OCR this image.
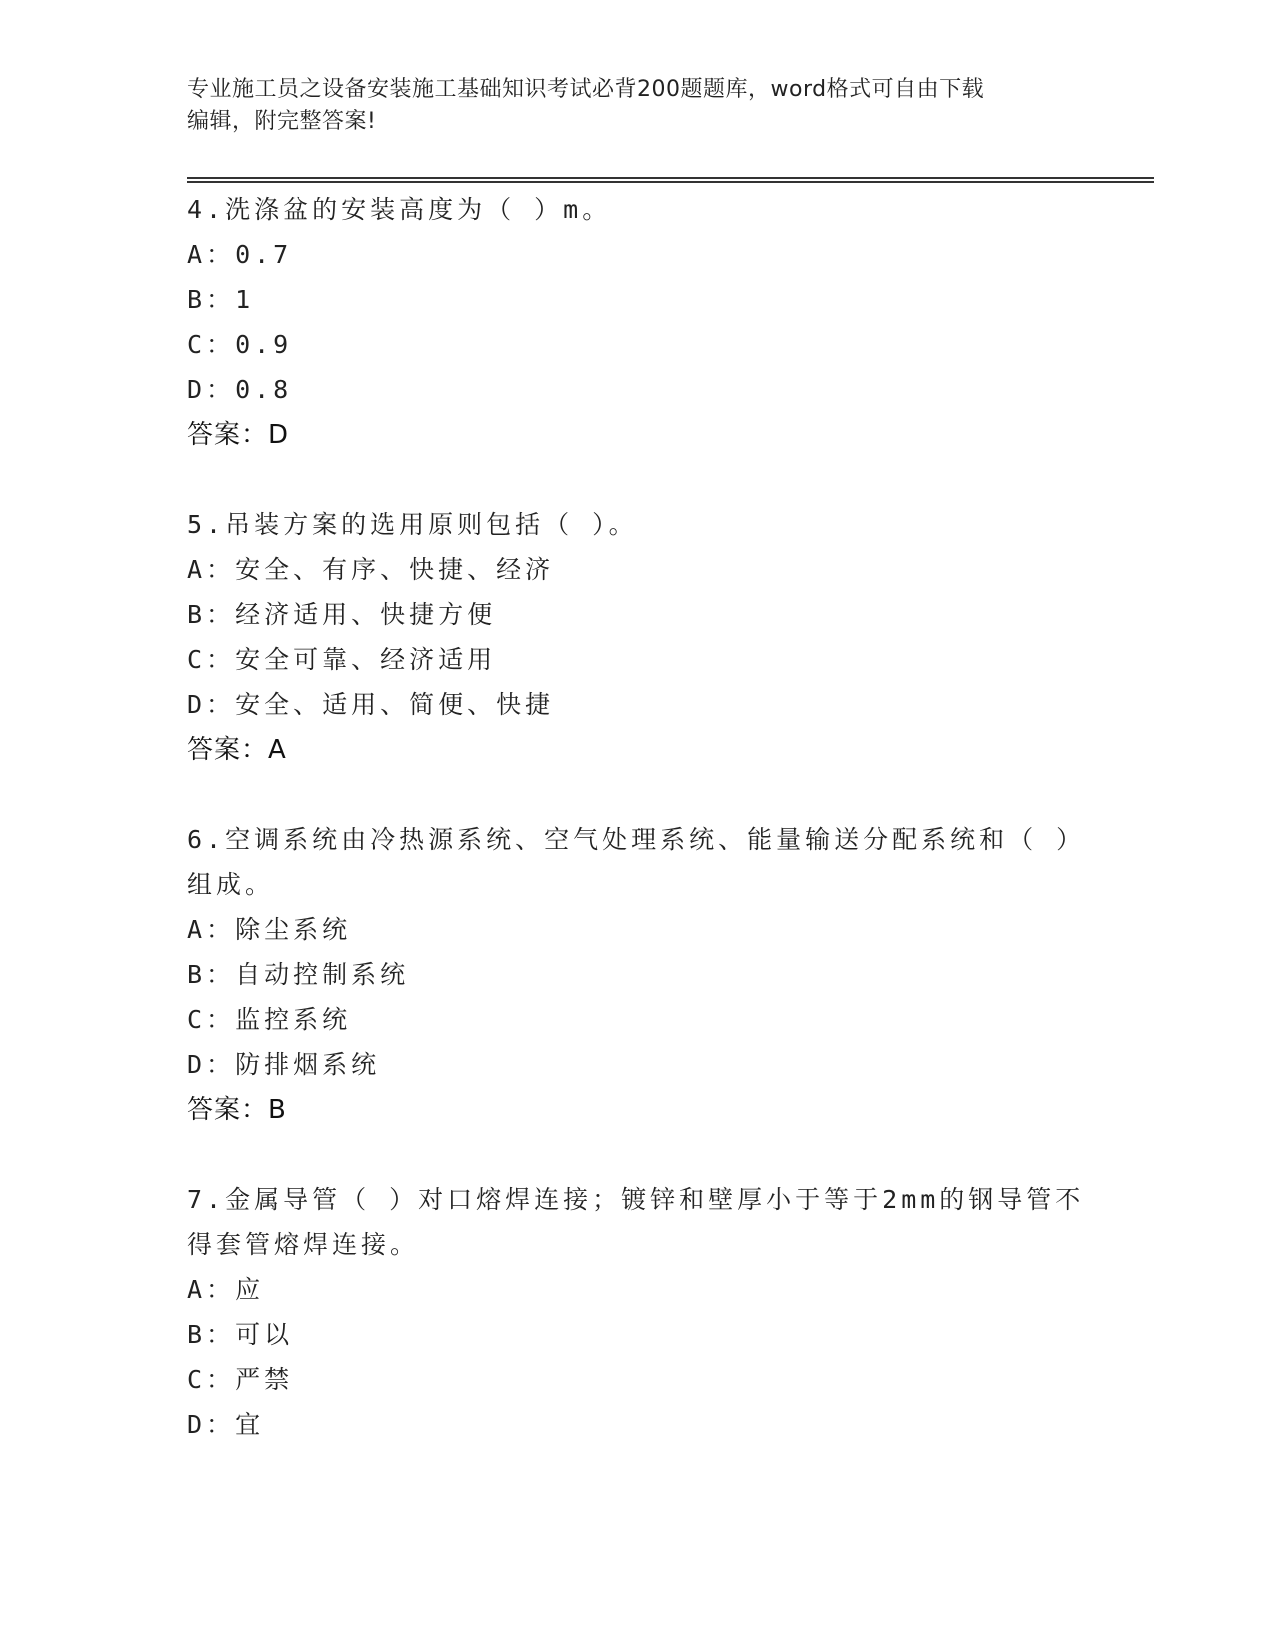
专业施工员之设备安装施工基础知识考试必背200题题库，word格式可自由下载
编辑，附完整答案!
4.洗涤盆的安装高度为（ ）m。
A：0.7
B：1
C：0.9
D：0.8
答案：D
5.吊装方案的选用原则包括（ ）。
A：安全、有序、快捷、经济
B：经济适用、快捷方便
C：安全可靠、经济适用
D：安全、适用、简便、快捷
答案：A
6.空调系统由冷热源系统、空气处理系统、能量输送分配系统和（ ）
组成。
A：除尘系统
B：自动控制系统
C：监控系统
D：防排烟系统
答案：B
7.金属导管（ ）对口熔焊连接；镀锌和壁厚小于等于2mm的钢导管不
得套管熔焊连接。
A：应
B：可以
C：严禁
D：宜
